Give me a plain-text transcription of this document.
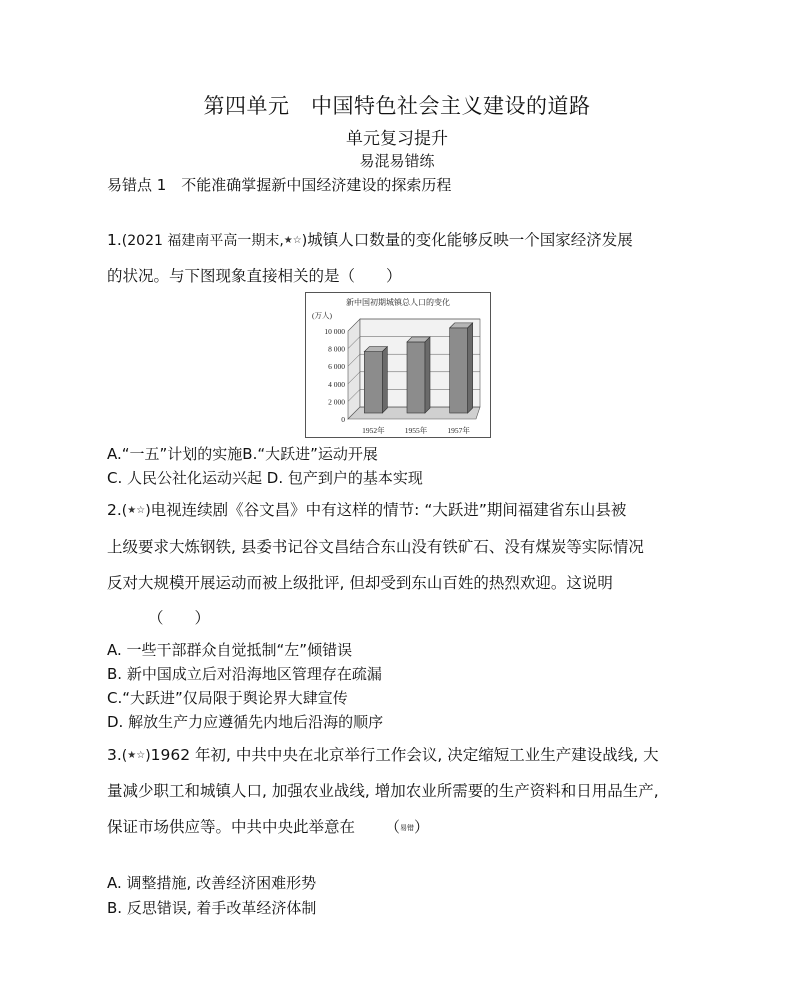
第四单元　中国特色社会主义建设的道路
单元复习提升
易混易错练
易错点 1　不能准确掌握新中国经济建设的探索历程
1.(2021 福建南平高一期末,★☆)城镇人口数量的变化能够反映一个国家经济发展
的状况。与下图现象直接相关的是（　　）
新中国初期城镇总人口的变化
(万人)
0
2 000
4 000
6 000
8 000
10 000
1952年	1955年	1957年
A.“一五”计划的实施B.“大跃进”运动开展
C. 人民公社化运动兴起 D. 包产到户的基本实现
2.(★☆)电视连续剧《谷文昌》中有这样的情节: “大跃进”期间福建省东山县被
上级要求大炼钢铁, 县委书记谷文昌结合东山没有铁矿石、没有煤炭等实际情况
反对大规模开展运动而被上级批评, 但却受到东山百姓的热烈欢迎。这说明
（　　）
A. 一些干部群众自觉抵制“左”倾错误
B. 新中国成立后对沿海地区管理存在疏漏
C.“大跃进”仅局限于舆论界大肆宣传
D. 解放生产力应遵循先内地后沿海的顺序
3.(★☆)1962 年初, 中共中央在北京举行工作会议, 决定缩短工业生产建设战线, 大
量减少职工和城镇人口, 加强农业战线, 增加农业所需要的生产资料和日用品生产,
保证市场供应等。中共中央此举意在 （易错）
A. 调整措施, 改善经济困难形势
B. 反思错误, 着手改革经济体制
